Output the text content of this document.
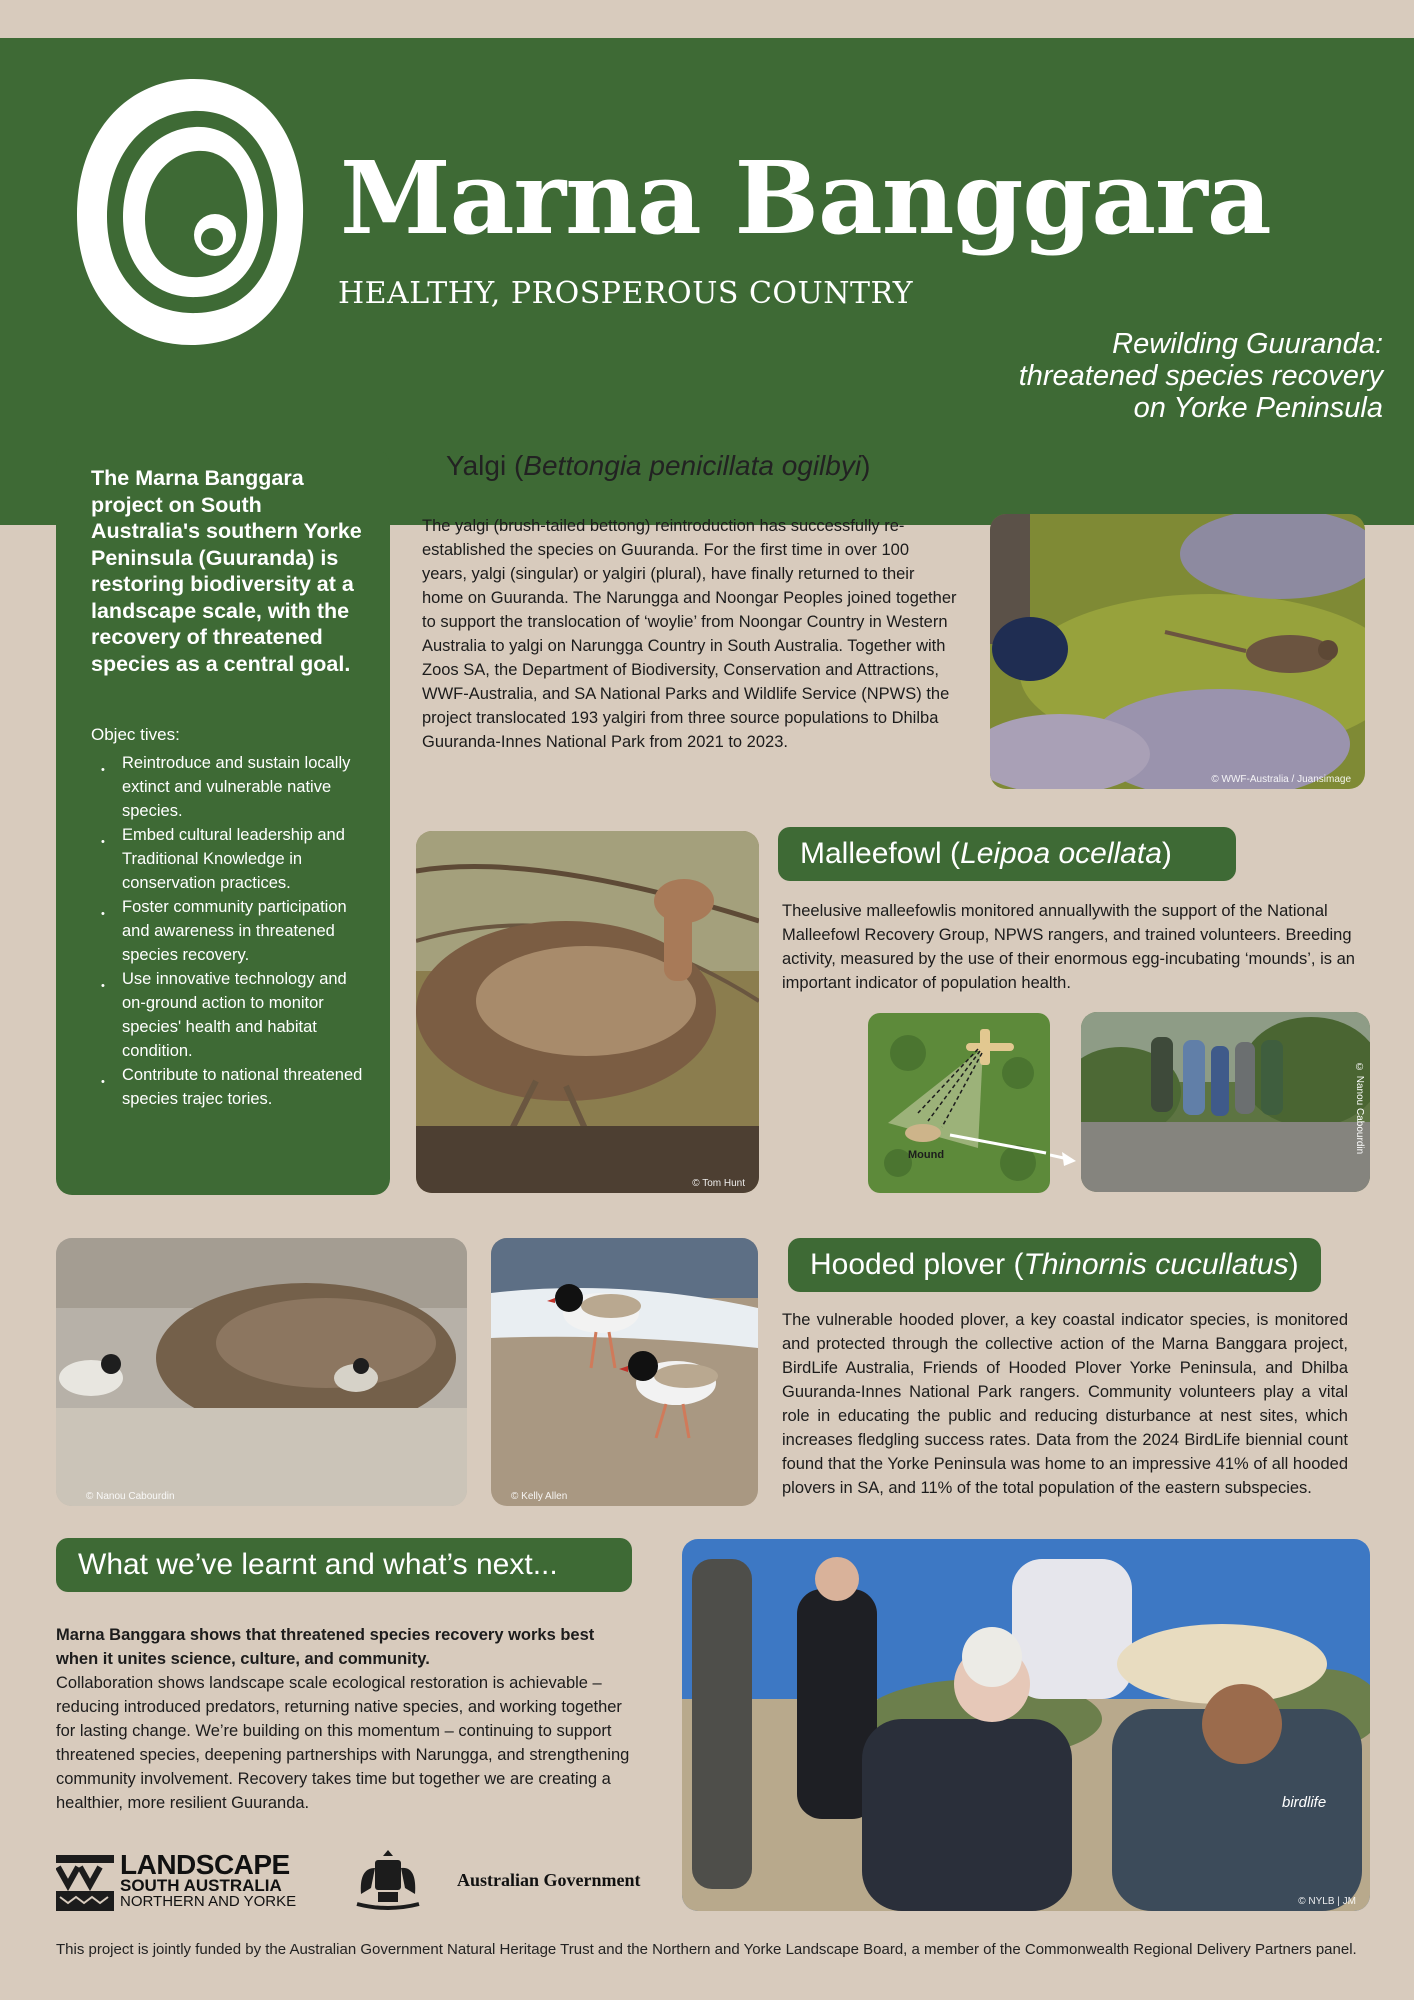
Marna Banggara
HEALTHY, PROSPEROUS COUNTRY
Rewilding Guuranda:
threatened species recovery
on Yorke Peninsula
The Marna Banggara project on South Australia's southern Yorke Peninsula (Guuranda) is restoring biodiversity at a landscape scale, with the recovery of threatened species as a central goal.
Objec tives:
• Reintroduce and sustain locally extinct and vulnerable native species.
• Embed cultural leadership and Traditional Knowledge in conservation practices.
• Foster community participation and awareness in threatened species recovery.
• Use innovative technology and on-ground action to monitor species' health and habitat condition.
• Contribute to national threatened species trajec tories.
Yalgi (Bettongia penicillata ogilbyi)
The yalgi (brush-tailed bettong) reintroduction has successfully re-established the species on Guuranda. For the first time in over 100 years, yalgi (singular) or yalgiri (plural), have finally returned to their home on Guuranda. The Narungga and Noongar Peoples joined together to support the translocation of ‘woylie’ from Noongar Country in Western Australia to yalgi on Narungga Country in South Australia. Together with Zoos SA, the Department of Biodiversity, Conservation and Attractions, WWF-Australia, and SA National Parks and Wildlife Service (NPWS) the project translocated 193 yalgiri from three source populations to Dhilba Guuranda-Innes National Park from 2021 to 2023.
© WWF-Australia / Juansimage
© Tom Hunt
Malleefowl ( Leipoa ocellata )
Theelusive malleefowlis monitored annuallywith the support of the National Malleefowl Recovery Group, NPWS rangers, and trained volunteers. Breeding activity, measured by the use of their enormous egg-incubating ‘mounds’, is an important indicator of population health.
Mound
© Nanou Cabourdin
© Nanou Cabourdin	© Kelly Allen
Hooded plover ( Thinornis cucullatus )
The vulnerable hooded plover, a key coastal indicator species, is monitored and protected through the collective action of the Marna Banggara project, BirdLife Australia, Friends of Hooded Plover Yorke Peninsula, and Dhilba Guuranda-Innes National Park rangers. Community volunteers play a vital role in educating the public and reducing disturbance at nest sites, which increases fledgling success rates. Data from the 2024 BirdLife biennial count found that the Yorke Peninsula was home to an impressive 41% of all hooded plovers in SA, and 11% of the total population of the eastern subspecies.
What we’ve learnt and what’s next...
Marna Banggara shows that threatened species recovery works best when it unites science, culture, and community.
Collaboration shows landscape scale ecological restoration is achievable – reducing introduced predators, returning native species, and working together for lasting change. We’re building on this momentum – continuing to support threatened species, deepening partnerships with Narungga, and strengthening community involvement. Recovery takes time but together we are creating a healthier, more resilient Guuranda.	birdlife
© NYLB | JM
LANDSCAPE
SOUTH AUSTRALIA
NORTHERN AND YORKE
Australian Government
This project is jointly funded by the Australian Government Natural Heritage Trust and the Northern and Yorke Landscape Board, a member of the Commonwealth Regional Delivery Partners panel.
